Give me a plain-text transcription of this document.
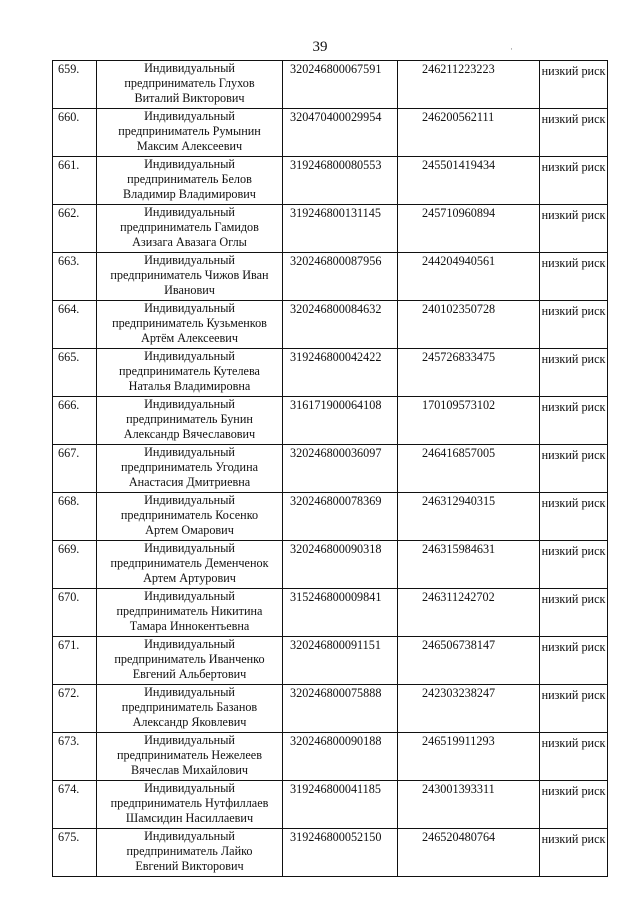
39	·
659.	Индивидуальный
предприниматель Глухов
Виталий Викторович	320246800067591	246211223223	низкий риск
660.	Индивидуальный
предприниматель Румынин
Максим Алексеевич	320470400029954	246200562111	низкий риск
661.	Индивидуальный
предприниматель Белов
Владимир Владимирович	319246800080553	245501419434	низкий риск
662.	Индивидуальный
предприниматель Гамидов
Азизага Авазага Оглы	319246800131145	245710960894	низкий риск
663.	Индивидуальный
предприниматель Чижов Иван
Иванович	320246800087956	244204940561	низкий риск
664.	Индивидуальный
предприниматель Кузьменков
Артём Алексеевич	320246800084632	240102350728	низкий риск
665.	Индивидуальный
предприниматель Кутелева
Наталья Владимировна	319246800042422	245726833475	низкий риск
666.	Индивидуальный
предприниматель Бунин
Александр Вячеславович	316171900064108	170109573102	низкий риск
667.	Индивидуальный
предприниматель Угодина
Анастасия Дмитриевна	320246800036097	246416857005	низкий риск
668.	Индивидуальный
предприниматель Косенко
Артем Омарович	320246800078369	246312940315	низкий риск
669.	Индивидуальный
предприниматель Деменченок
Артем Артурович	320246800090318	246315984631	низкий риск
670.	Индивидуальный
предприниматель Никитина
Тамара Иннокентьевна	315246800009841	246311242702	низкий риск
671.	Индивидуальный
предприниматель Иванченко
Евгений Альбертович	320246800091151	246506738147	низкий риск
672.	Индивидуальный
предприниматель Базанов
Александр Яковлевич	320246800075888	242303238247	низкий риск
673.	Индивидуальный
предприниматель Нежелеев
Вячеслав Михайлович	320246800090188	246519911293	низкий риск
674.	Индивидуальный
предприниматель Нутфиллаев
Шамсидин Насиллаевич	319246800041185	243001393311	низкий риск
675.	Индивидуальный
предприниматель Лайко
Евгений Викторович	319246800052150	246520480764	низкий риск
